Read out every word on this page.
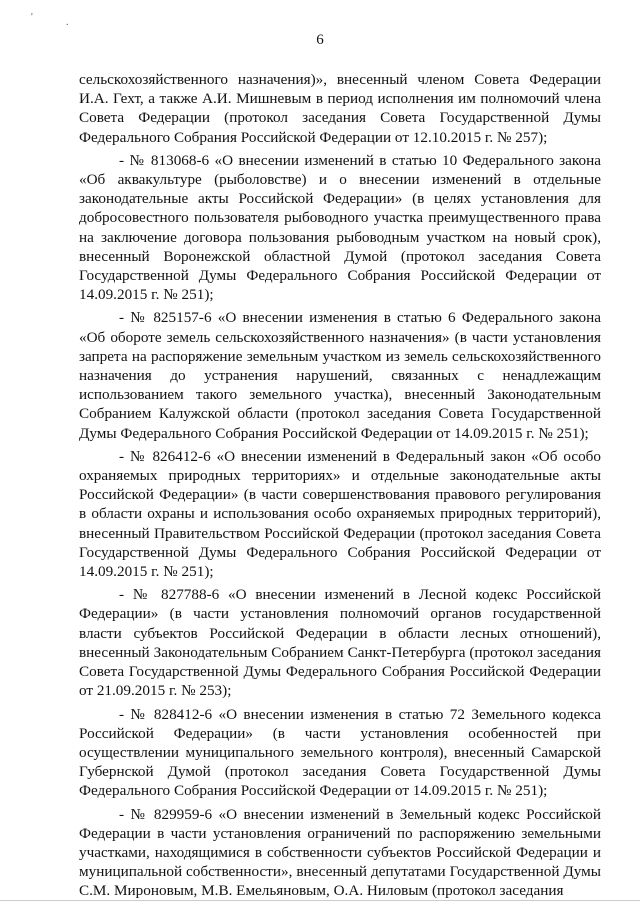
'	.
6

сельскохозяйственного назначения)», внесенный членом Совета Федерации И.А. Гехт, а также А.И. Мишневым в период исполнения им полномочий члена Совета Федерации (протокол заседания Совета Государственной Думы Федерального Собрания Российской Федерации от 12.10.2015 г. № 257);

- № 813068-6 «О внесении изменений в статью 10 Федерального закона «Об аквакультуре (рыболовстве) и о внесении изменений в отдельные законодательные акты Российской Федерации» (в целях установления для добросовестного пользователя рыбоводного участка преимущественного права на заключение договора пользования рыбоводным участком на новый срок), внесенный Воронежской областной Думой (протокол заседания Совета Государственной Думы Федерального Собрания Российской Федерации от 14.09.2015 г. № 251);

- № 825157-6 «О внесении изменения в статью 6 Федерального закона «Об обороте земель сельскохозяйственного назначения» (в части установления запрета на распоряжение земельным участком из земель сельскохозяйственного назначения до устранения нарушений, связанных с ненадлежащим использованием такого земельного участка), внесенный Законодательным Собранием Калужской области (протокол заседания Совета Государственной Думы Федерального Собрания Российской Федерации от 14.09.2015 г. № 251);

- № 826412-6 «О внесении изменений в Федеральный закон «Об особо охраняемых природных территориях» и отдельные законодательные акты Российской Федерации» (в части совершенствования правового регулирования в области охраны и использования особо охраняемых природных территорий), внесенный Правительством Российской Федерации (протокол заседания Совета Государственной Думы Федерального Собрания Российской Федерации от 14.09.2015 г. № 251);

- № 827788-6 «О внесении изменений в Лесной кодекс Российской Федерации» (в части установления полномочий органов государственной власти субъектов Российской Федерации в области лесных отношений), внесенный Законодательным Собранием Санкт-Петербурга (протокол заседания Совета Государственной Думы Федерального Собрания Российской Федерации от 21.09.2015 г. № 253);

- № 828412-6 «О внесении изменения в статью 72 Земельного кодекса Российской Федерации» (в части установления особенностей при осуществлении муниципального земельного контроля), внесенный Самарской Губернской Думой (протокол заседания Совета Государственной Думы Федерального Собрания Российской Федерации от 14.09.2015 г. № 251);

- № 829959-6 «О внесении изменений в Земельный кодекс Российской Федерации в части установления ограничений по распоряжению земельными участками, находящимися в собственности субъектов Российской Федерации и муниципальной собственности», внесенный депутатами Государственной Думы С.М. Мироновым, М.В. Емельяновым, О.А. Ниловым (протокол заседания
